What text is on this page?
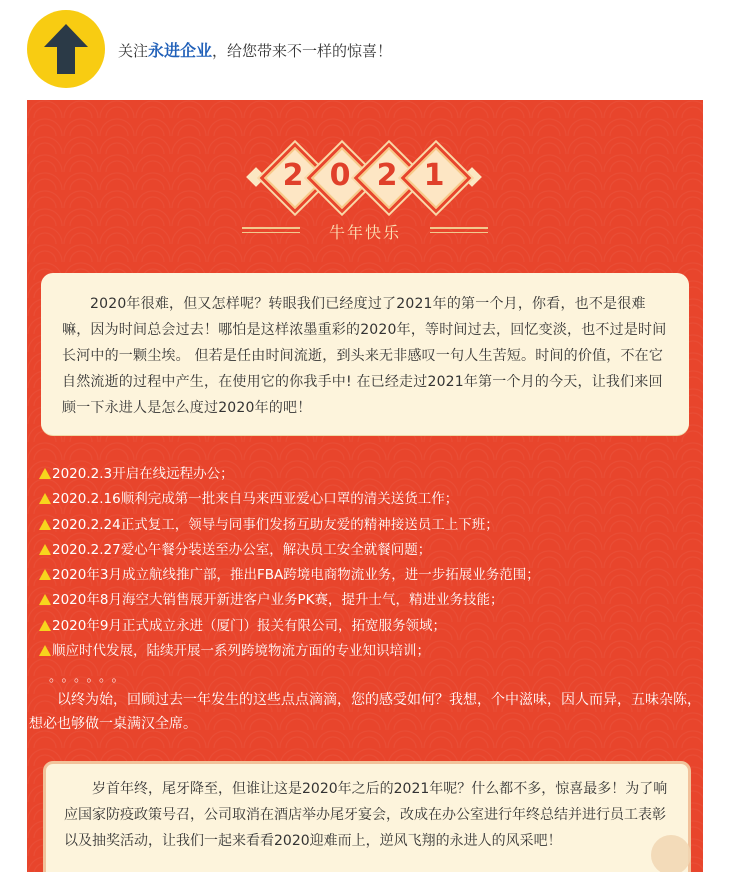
关注永进企业，给您带来不一样的惊喜！
2 0 2 1
牛年快乐

2020年很难，但又怎样呢？转眼我们已经度过了2021年的第一个月，你看，也不是很难嘛，因为时间总会过去！哪怕是这样浓墨重彩的2020年，等时间过去，回忆变淡，也不过是时间长河中的一颗尘埃。 但若是任由时间流逝，到头来无非感叹一句人生苦短。时间的价值，不在它自然流逝的过程中产生，在使用它的你我手中! 在已经走过2021年第一个月的今天，让我们来回顾一下永进人是怎么度过2020年的吧！

2020.2.3开启在线远程办公；
2020.2.16顺利完成第一批来自马来西亚爱心口罩的清关送货工作；
2020.2.24正式复工，领导与同事们发扬互助友爱的精神接送员工上下班；
2020.2.27爱心午餐分装送至办公室，解决员工安全就餐问题；
2020年3月成立航线推广部，推出FBA跨境电商物流业务，进一步拓展业务范围；
2020年8月海空大销售展开新进客户业务PK赛，提升士气，精进业务技能；
2020年9月正式成立永进（厦门）报关有限公司，拓宽服务领域；
顺应时代发展，陆续开展一系列跨境物流方面的专业知识培训；
。。。。。。

以终为始，回顾过去一年发生的这些点点滴滴，您的感受如何？我想，个中滋味，因人而异，五味杂陈，想必也够做一桌满汉全席。

岁首年终，尾牙降至，但谁让这是2020年之后的2021年呢？什么都不多，惊喜最多！为了响应国家防疫政策号召，公司取消在酒店举办尾牙宴会，改成在办公室进行年终总结并进行员工表彰以及抽奖活动，让我们一起来看看2020迎难而上，逆风飞翔的永进人的风采吧！
